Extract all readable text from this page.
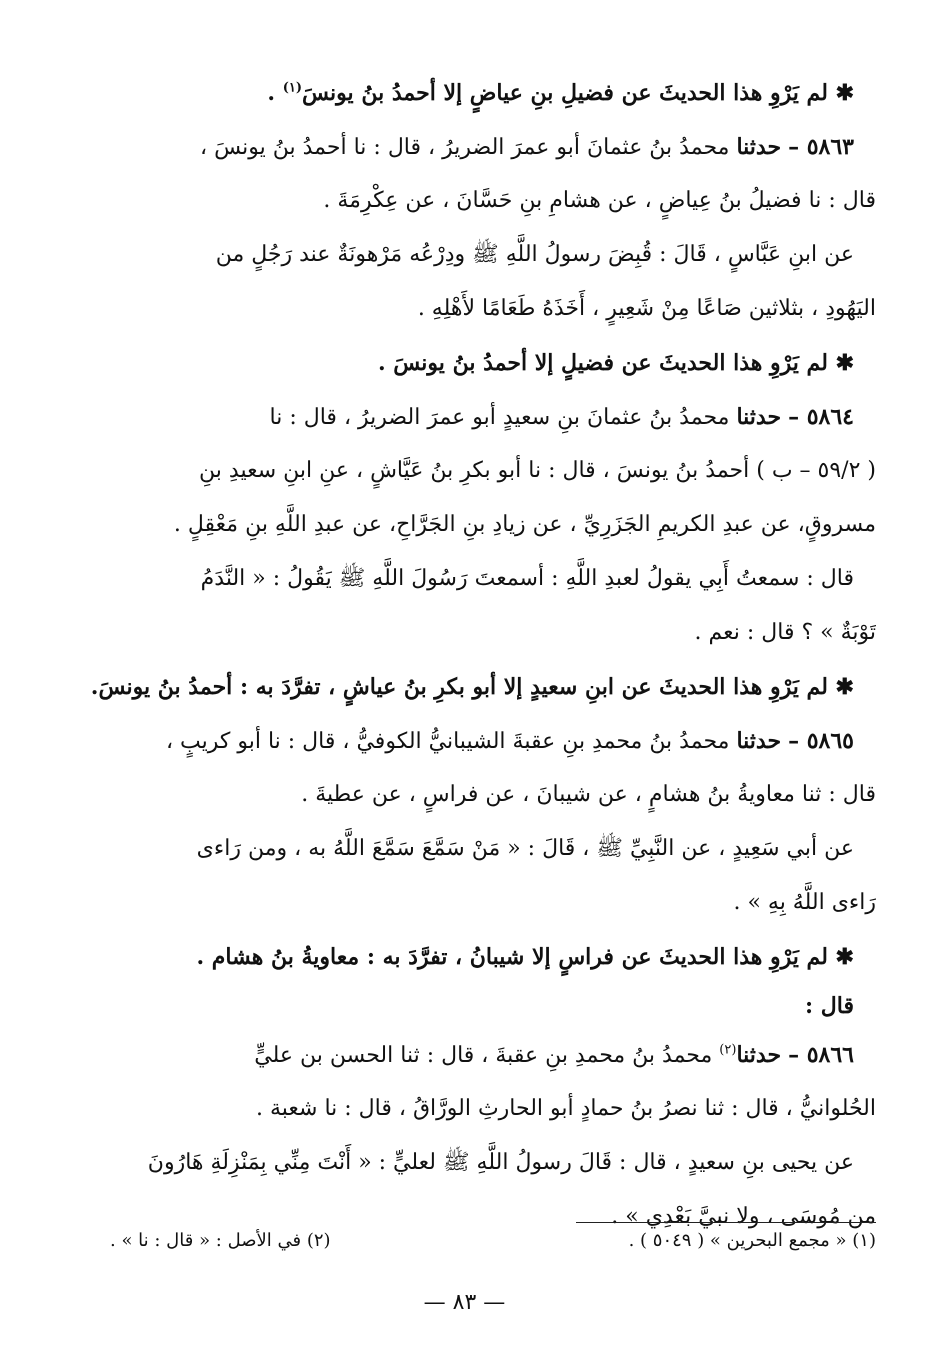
✱ لم يَرْوِ هذا الحديثَ عن فضيلِ بنِ عياضٍ إلا أحمدُ بنُ يونسَ$^{(١)}$ .
٥٨٦٣ – حدثنا محمدُ بنُ عثمانَ أبو عمرَ الضريرُ ، قال : نا أحمدُ بنُ يونسَ ،
قال : نا فضيلُ بنُ عِياضٍ ، عن هشامِ بنِ حَسَّانَ ، عن عِكْرِمَةَ .
عن ابنِ عَبَّاسٍ ، قَالَ : قُبِضَ رسولُ اللَّهِ ﷺ ودِرْعُه مَرْهونَةٌ عند رَجُلٍ من
اليَهُودِ ، بثلاثين صَاعًا مِنْ شَعِيرٍ ، أَخَذَهُ طَعَامًا لأَهْلِهِ .
✱ لم يَرْوِ هذا الحديثَ عن فضيلٍ إلا أحمدُ بنُ يونسَ .
٥٨٦٤ – حدثنا محمدُ بنُ عثمانَ بنِ سعيدٍ أبو عمرَ الضريرُ ، قال : نا
( ٥٩/٢ – ب ) أحمدُ بنُ يونسَ ، قال : نا أبو بكرِ بنُ عَيَّاشٍ ، عنِ ابنِ سعيدِ بنِ
مسروقٍ، عن عبدِ الكريمِ الجَزَرِيِّ ، عن زيادِ بنِ الجَرَّاحِ، عن عبدِ اللَّهِ بنِ مَعْقِلٍ .
قال : سمعتُ أَبِي يقولُ لعبدِ اللَّهِ : أسمعتَ رَسُولَ اللَّهِ ﷺ يَقُولُ : « النَّدَمُ
تَوْبَةٌ » ؟ قال : نعم .
✱ لم يَرْوِ هذا الحديثَ عن ابنِ سعيدٍ إلا أبو بكرِ بنُ عياشٍ ، تفرَّدَ به : أحمدُ بنُ يونسَ.
٥٨٦٥ – حدثنا محمدُ بنُ محمدِ بنِ عقبةَ الشيبانيُّ الكوفيُّ ، قال : نا أبو كريبٍ ،
قال : ثنا معاويةُ بنُ هشامٍ ، عن شيبانَ ، عن فراسٍ ، عن عطيةَ .
عن أبي سَعِيدٍ ، عن النَّبِيِّ ﷺ ، قَالَ : « مَنْ سَمَّعَ سَمَّعَ اللَّهُ به ، ومن رَاءى
رَاءى اللَّهُ بِهِ » .
✱ لم يَرْوِ هذا الحديثَ عن فراسٍ إلا شيبانُ ، تفرَّدَ به : معاويةُ بنُ هشام .
قال :
٥٨٦٦ – حدثنا$^{(٢)}$ محمدُ بنُ محمدِ بنِ عقبةَ ، قال : ثنا الحسن بن عليٍّ
الحُلوانيُّ ، قال : ثنا نصرُ بنُ حمادٍ أبو الحارثِ الورَّاقُ ، قال : نا شعبة .
عن يحيى بنِ سعيدٍ ، قال : قَالَ رسولُ اللَّهِ ﷺ لعليٍّ : « أَنْتَ مِنِّي بِمَنْزِلَةِ هَارُونَ
من مُوسَى ، ولا نبيَّ بَعْدِي » .
(١) « مجمع البحرين » ( ٥٠٤٩ ) .
(٢) في الأصل : « قال : نا » .
— ٨٣ —
